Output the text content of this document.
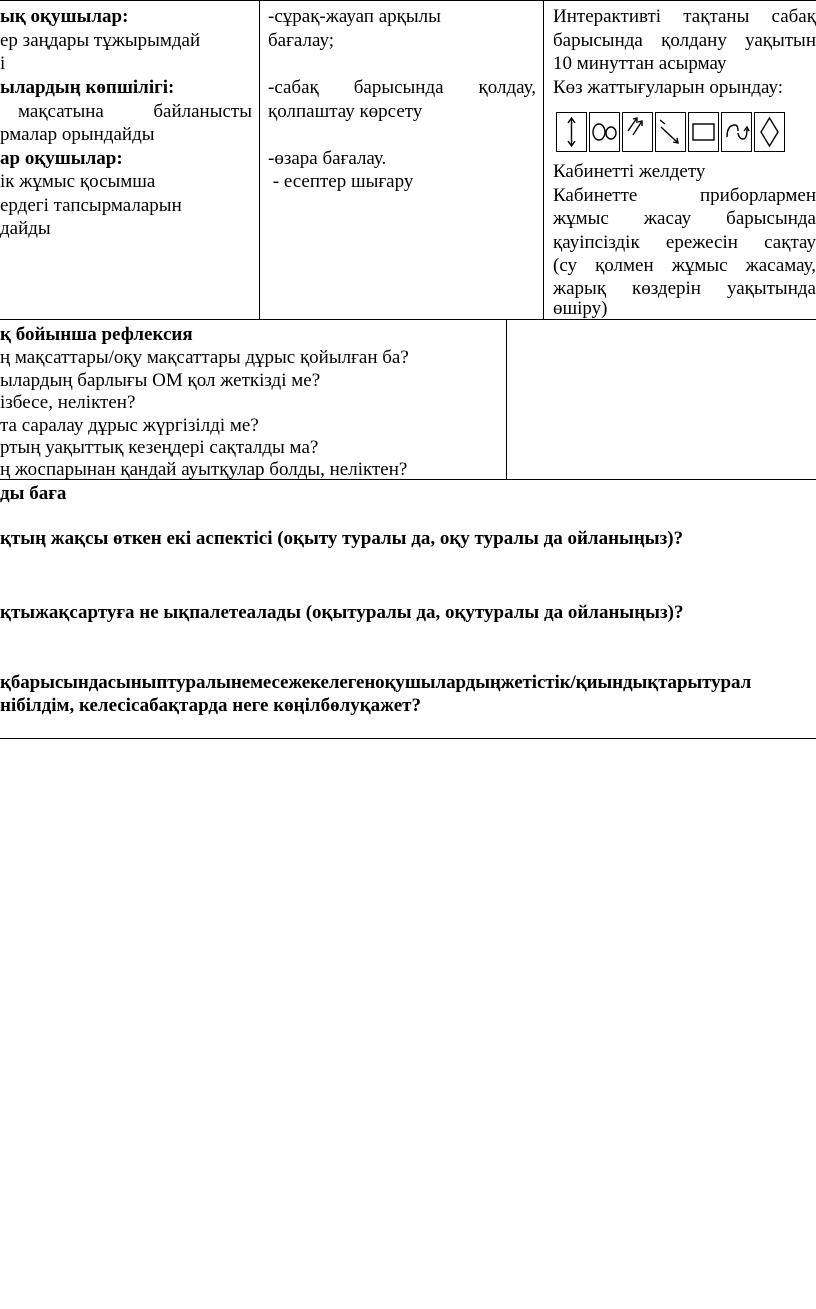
ық оқушылар:
ер заңдары тұжырымдай
і
ылардың көпшілігі:
мақсатына	байланысты
рмалар орындайды
ар оқушылар:
ік жұмыс қосымша
ердегі тапсырмаларын
дайды
-сұрақ-жауап арқылы
бағалау;
-сабақ барысында қолдау,
қолпаштау көрсету
-өзара бағалау.
- есептер шығару
Интерактивті тақтаны сабақ
барысында қолдану уақытын
10 минуттан асырмау
Көз жаттығуларын орындау:
Кабинетті желдету
Кабинетте	приборлармен
жұмыс жасау барысында
қауіпсіздік ережесін сақтау
(су қолмен жұмыс жасамау,
жарық көздерін уақытында
өшіру)
қ бойынша рефлексия
ң мақсаттары/оқу мақсаттары дұрыс қойылған ба?
ылардың барлығы ОМ қол жеткізді ме?
ізбесе, неліктен?
та саралау дұрыс жүргізілді ме?
ртың уақыттық кезеңдері сақталды ма?
ң жоспарынан қандай ауытқулар болды, неліктен?
ды баға
қтың жақсы өткен екі аспектісі (оқыту туралы да, оқу туралы да ойланыңыз)?
қтыжақсартуға не ықпалетеалады (оқытуралы да, оқутуралы да ойланыңыз)?
қбарысындасыныптуралынемесежекелегеноқушылардыңжетістік/қиындықтарытурал
нібілдім, келесісабақтарда неге көңілбөлуқажет?
